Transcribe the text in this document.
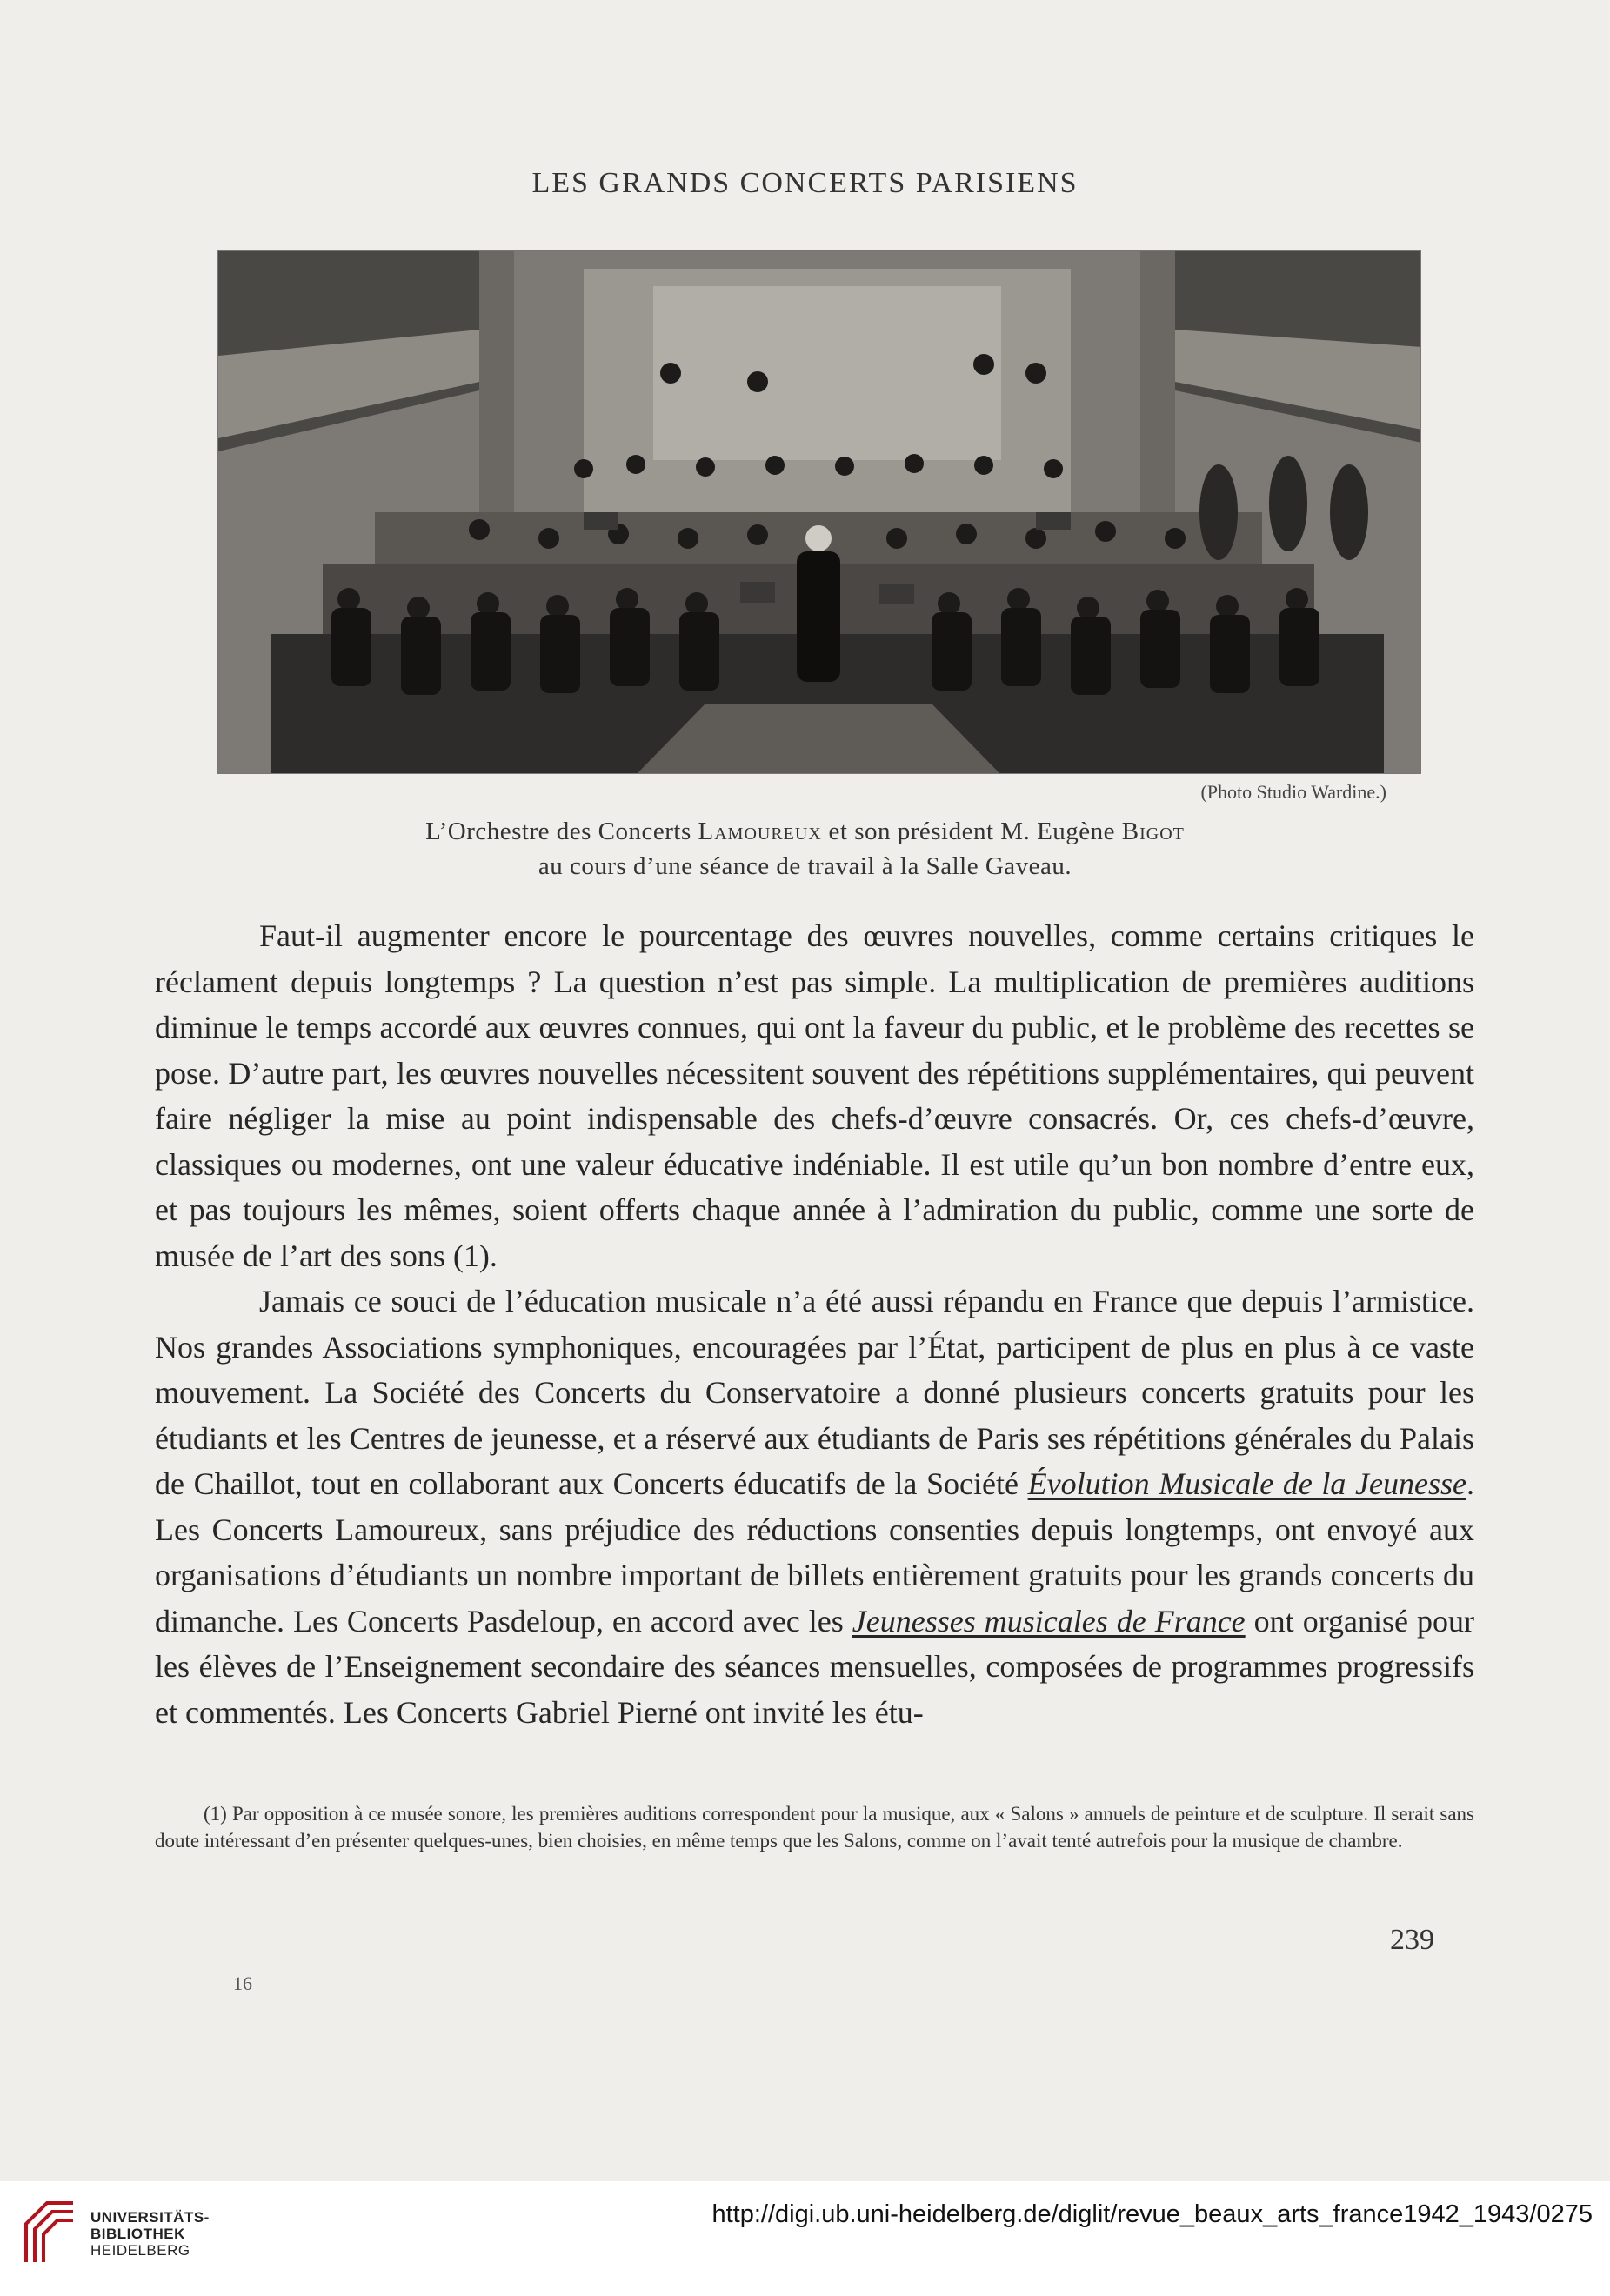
LES GRANDS CONCERTS PARISIENS
(Photo Studio Wardine.)
L’Orchestre des Concerts Lamoureux et son président M. Eugène Bigot
au cours d’une séance de travail à la Salle Gaveau.

Faut-il augmenter encore le pourcentage des œuvres nouvelles, comme certains critiques le réclament depuis longtemps ? La question n’est pas simple. La multiplication de premières auditions diminue le temps accordé aux œuvres connues, qui ont la faveur du public, et le problème des recettes se pose. D’autre part, les œuvres nouvelles nécessitent souvent des répétitions supplémentaires, qui peuvent faire négliger la mise au point indispensable des chefs-d’œuvre consacrés. Or, ces chefs-d’œuvre, classiques ou modernes, ont une valeur éducative indéniable. Il est utile qu’un bon nombre d’entre eux, et pas toujours les mêmes, soient offerts chaque année à l’admiration du public, comme une sorte de musée de l’art des sons (1).

Jamais ce souci de l’éducation musicale n’a été aussi répandu en France que depuis l’armistice. Nos grandes Associations symphoniques, encouragées par l’État, participent de plus en plus à ce vaste mouvement. La Société des Concerts du Conservatoire a donné plusieurs concerts gratuits pour les étudiants et les Centres de jeunesse, et a réservé aux étudiants de Paris ses répétitions générales du Palais de Chaillot, tout en collaborant aux Concerts éducatifs de la Société Évolution Musicale de la Jeunesse. Les Concerts Lamoureux, sans préjudice des réductions consenties depuis longtemps, ont envoyé aux organisations d’étudiants un nombre important de billets entièrement gratuits pour les grands concerts du dimanche. Les Concerts Pasdeloup, en accord avec les Jeunesses musicales de France ont organisé pour les élèves de l’Enseignement secondaire des séances mensuelles, composées de programmes progressifs et commentés. Les Concerts Gabriel Pierné ont invité les étu-

(1) Par opposition à ce musée sonore, les premières auditions correspondent pour la musique, aux « Salons » annuels de peinture et de sculpture. Il serait sans doute intéressant d’en présenter quelques-unes, bien choisies, en même temps que les Salons, comme on l’avait tenté autrefois pour la musique de chambre.

239
16
UNIVERSITÄTS-
BIBLIOTHEK
HEIDELBERG
http://digi.ub.uni-heidelberg.de/diglit/revue_beaux_arts_france1942_1943/0275
